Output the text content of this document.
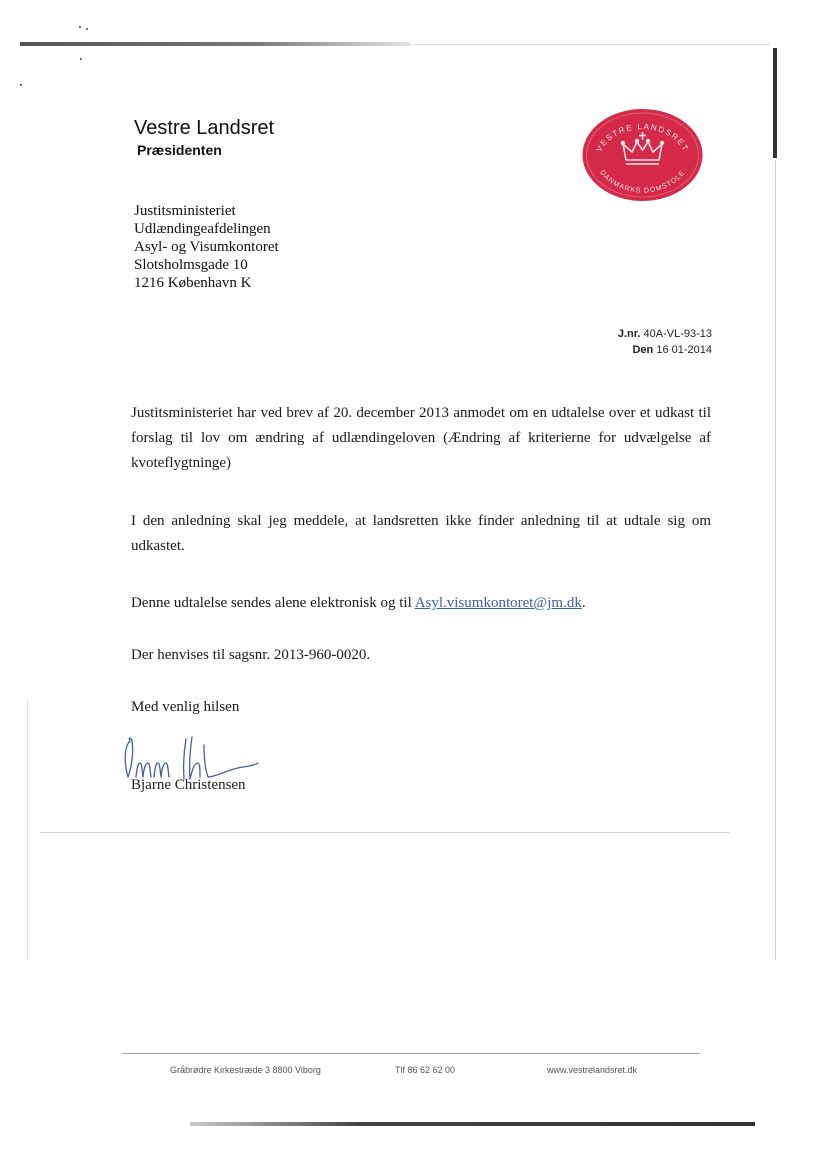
Vestre Landsret
Præsidenten	VESTRE LANDSRET
DANMARKS DOMSTOLE
Justitsministeriet
Udlændingeafdelingen
Asyl- og Visumkontoret
Slotsholmsgade 10
1216 København K
J.nr. 40A-VL-93-13
Den 16 01-2014
Justitsministeriet har ved brev af 20. december 2013 anmodet om en udtalelse over et udkast til forslag til lov om ændring af udlændingeloven (Ændring af kriterierne for udvælgelse af kvoteflygtninge)
I den anledning skal jeg meddele, at landsretten ikke finder anledning til at udtale sig om udkastet.
Denne udtalelse sendes alene elektronisk og til Asyl.visumkontoret@jm.dk.
Der henvises til sagsnr. 2013-960-0020.
Med venlig hilsen
Bjarne Christensen
Gråbrødre Kirkestræde 3 8800 Viborg	Tlf 86 62 62 00	www.vestrelandsret.dk
